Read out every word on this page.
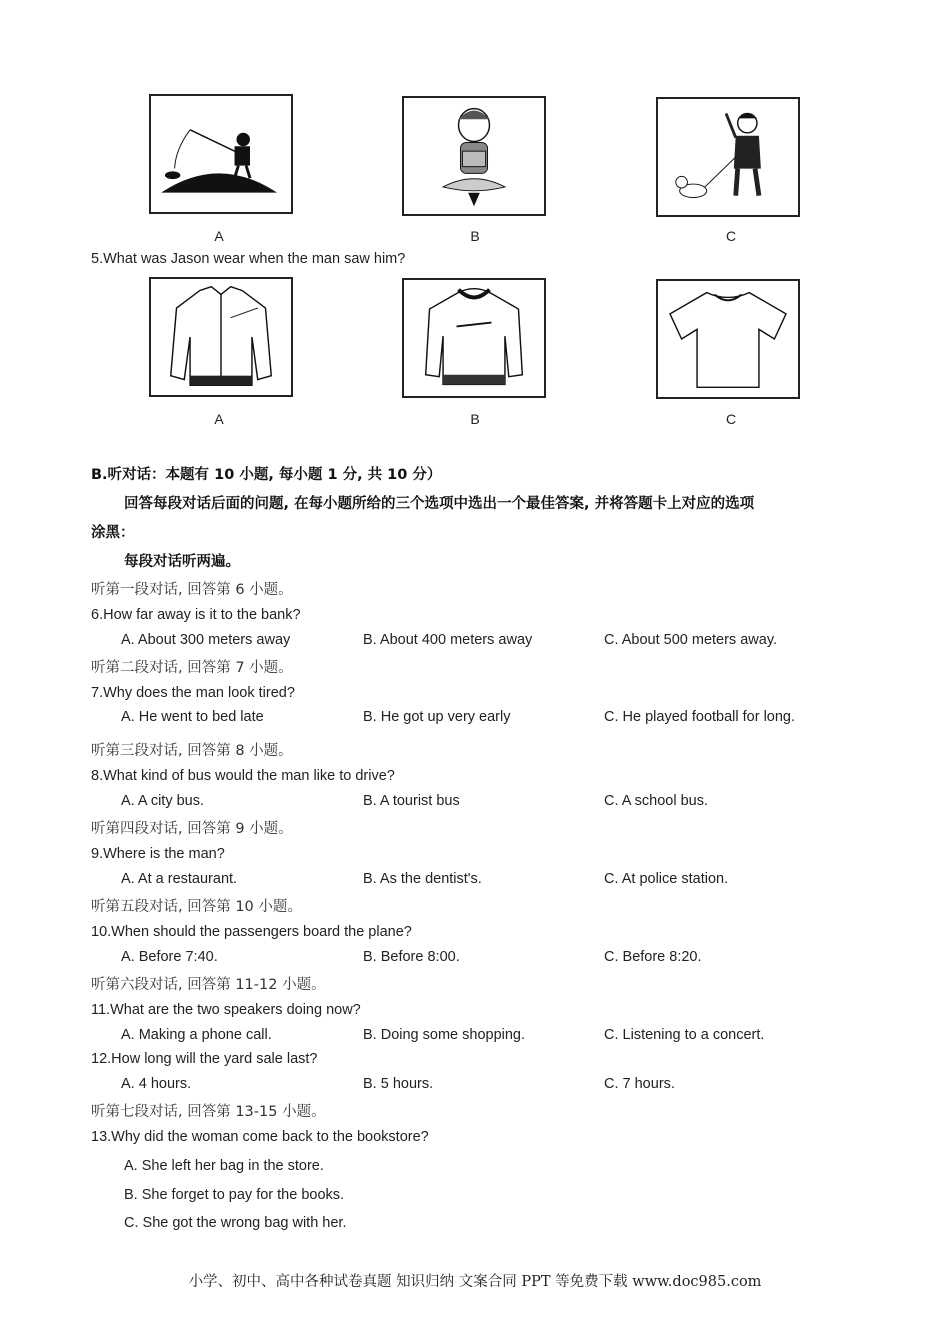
A	B	C
5.What was Jason wear when the man saw him?
A	B	C
B.听对话：本题有 10 小题, 每小题 1 分, 共 10 分）
回答每段对话后面的问题, 在每小题所给的三个选项中选出一个最佳答案, 并将答题卡上对应的选项
涂黑：
每段对话听两遍。
听第一段对话, 回答第 6 小题。
6.How far away is it to the bank?
A. About 300 meters away	B. About 400 meters away	C. About 500 meters away.
听第二段对话, 回答第 7 小题。
7.Why does the man look tired?
A. He went to bed late	B. He got up very early	C. He played football for long.
听第三段对话, 回答第 8 小题。
8.What kind of bus would the man like to drive?
A. A city bus.	B. A tourist bus	C. A school bus.
听第四段对话, 回答第 9 小题。
9.Where is the man?
A. At a restaurant.	B. As the dentist's.	C. At police station.
听第五段对话, 回答第 10 小题。
10.When should the passengers board the plane?
A. Before 7:40.	B. Before 8:00.	C. Before 8:20.
听第六段对话, 回答第 11-12 小题。
11.What are the two speakers doing now?
A. Making a phone call.	B. Doing some shopping.	C. Listening to a concert.
12.How long will the yard sale last?
A. 4 hours.	B. 5 hours.	C. 7 hours.
听第七段对话, 回答第 13-15 小题。
13.Why did the woman come back to the bookstore?
A. She left her bag in the store.
B. She forget to pay for the books.
C. She got the wrong bag with her.
小学、初中、高中各种试卷真题 知识归纳 文案合同 PPT 等免费下载 www.doc985.com
